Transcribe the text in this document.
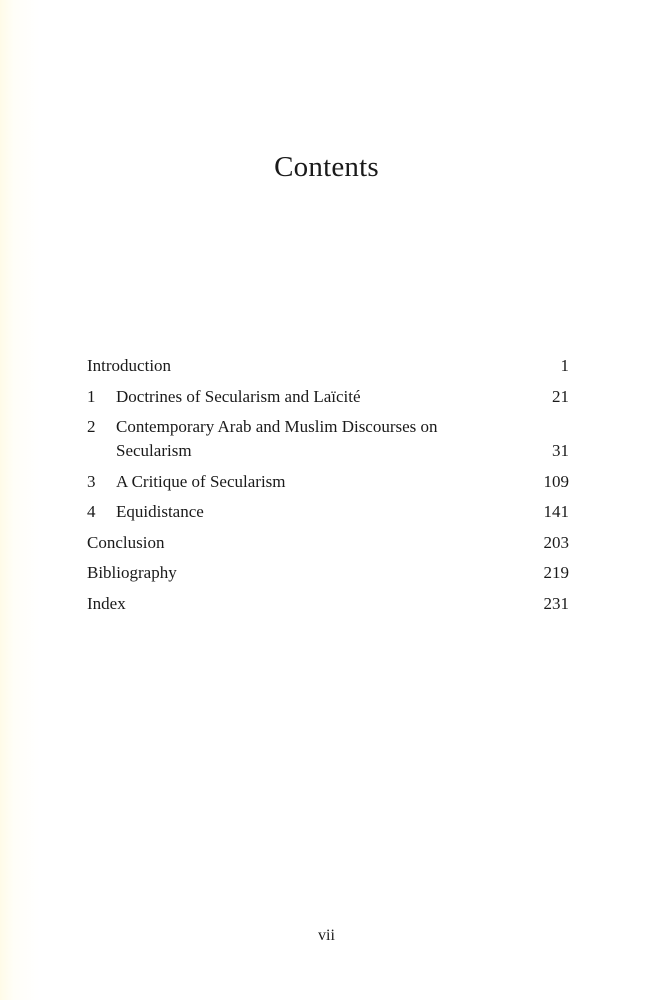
Contents
Introduction	1
1	Doctrines of Secularism and Laïcité	21
2	Contemporary Arab and Muslim Discourses on Secularism	31
3	A Critique of Secularism	109
4	Equidistance	141
Conclusion	203
Bibliography	219
Index	231
vii
